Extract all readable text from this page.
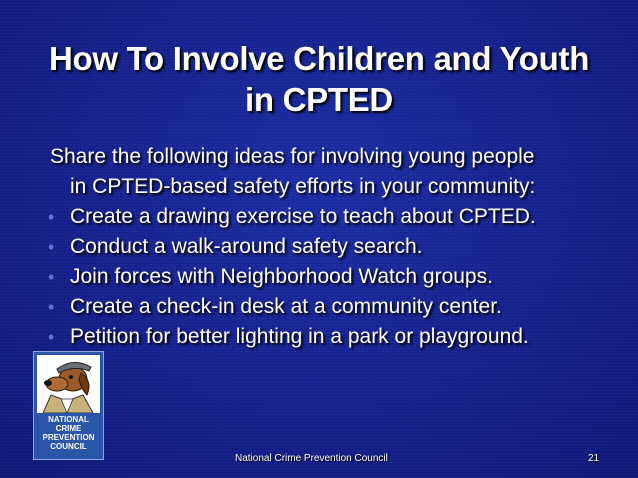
How To Involve Children and Youth
in CPTED

Share the following ideas for involving young people
in CPTED-based safety efforts in your community:

• Create a drawing exercise to teach about CPTED.
• Conduct a walk-around safety search.
• Join forces with Neighborhood Watch groups.
• Create a check-in desk at a community center.
• Petition for better lighting in a park or playground.
NATIONAL
CRIME
PREVENTION
COUNCIL
National Crime Prevention Council	21
